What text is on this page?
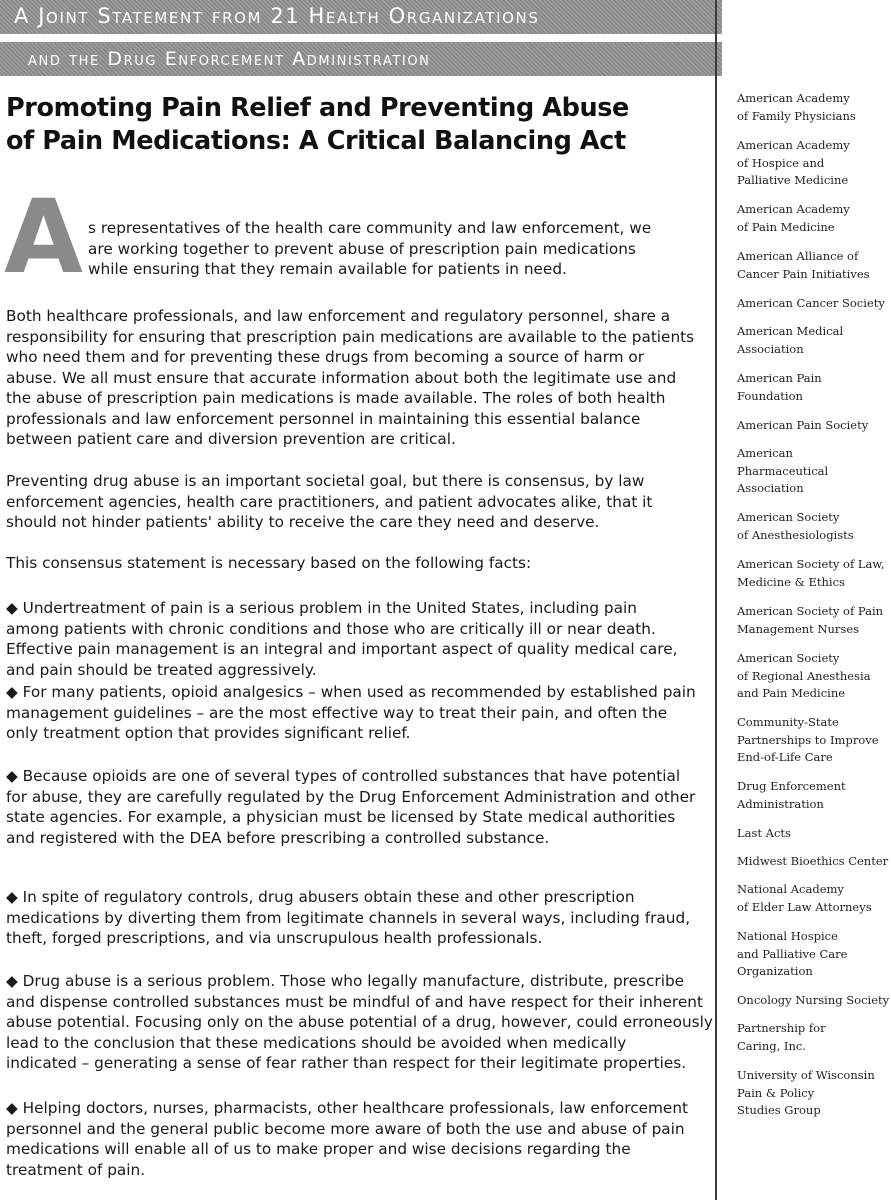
A Joint Statement from 21 Health Organizations
and the Drug Enforcement Administration
Promoting Pain Relief and Preventing Abuse
of Pain Medications: A Critical Balancing Act
A s representatives of the health care community and law enforcement, we
are working together to prevent abuse of prescription pain medications
while ensuring that they remain available for patients in need.
Both healthcare professionals, and law enforcement and regulatory personnel, share a
responsibility for ensuring that prescription pain medications are available to the patients
who need them and for preventing these drugs from becoming a source of harm or
abuse. We all must ensure that accurate information about both the legitimate use and
the abuse of prescription pain medications is made available. The roles of both health
professionals and law enforcement personnel in maintaining this essential balance
between patient care and diversion prevention are critical.
Preventing drug abuse is an important societal goal, but there is consensus, by law
enforcement agencies, health care practitioners, and patient advocates alike, that it
should not hinder patients' ability to receive the care they need and deserve.
This consensus statement is necessary based on the following facts:
◆ Undertreatment of pain is a serious problem in the United States, including pain
among patients with chronic conditions and those who are critically ill or near death.
Effective pain management is an integral and important aspect of quality medical care,
and pain should be treated aggressively.
◆ For many patients, opioid analgesics – when used as recommended by established pain
management guidelines – are the most effective way to treat their pain, and often the
only treatment option that provides significant relief.
◆ Because opioids are one of several types of controlled substances that have potential
for abuse, they are carefully regulated by the Drug Enforcement Administration and other
state agencies. For example, a physician must be licensed by State medical authorities
and registered with the DEA before prescribing a controlled substance.
◆ In spite of regulatory controls, drug abusers obtain these and other prescription
medications by diverting them from legitimate channels in several ways, including fraud,
theft, forged prescriptions, and via unscrupulous health professionals.
◆ Drug abuse is a serious problem. Those who legally manufacture, distribute, prescribe
and dispense controlled substances must be mindful of and have respect for their inherent
abuse potential. Focusing only on the abuse potential of a drug, however, could erroneously
lead to the conclusion that these medications should be avoided when medically
indicated – generating a sense of fear rather than respect for their legitimate properties.
◆ Helping doctors, nurses, pharmacists, other healthcare professionals, law enforcement
personnel and the general public become more aware of both the use and abuse of pain
medications will enable all of us to make proper and wise decisions regarding the
treatment of pain.
American Academy
of Family Physicians
American Academy
of Hospice and
Palliative Medicine
American Academy
of Pain Medicine
American Alliance of
Cancer Pain Initiatives
American Cancer Society
American Medical
Association
American Pain
Foundation
American Pain Society
American
Pharmaceutical
Association
American Society
of Anesthesiologists
American Society of Law,
Medicine & Ethics
American Society of Pain
Management Nurses
American Society
of Regional Anesthesia
and Pain Medicine
Community-State
Partnerships to Improve
End-of-Life Care
Drug Enforcement
Administration
Last Acts
Midwest Bioethics Center
National Academy
of Elder Law Attorneys
National Hospice
and Palliative Care
Organization
Oncology Nursing Society
Partnership for
Caring, Inc.
University of Wisconsin
Pain & Policy
Studies Group
